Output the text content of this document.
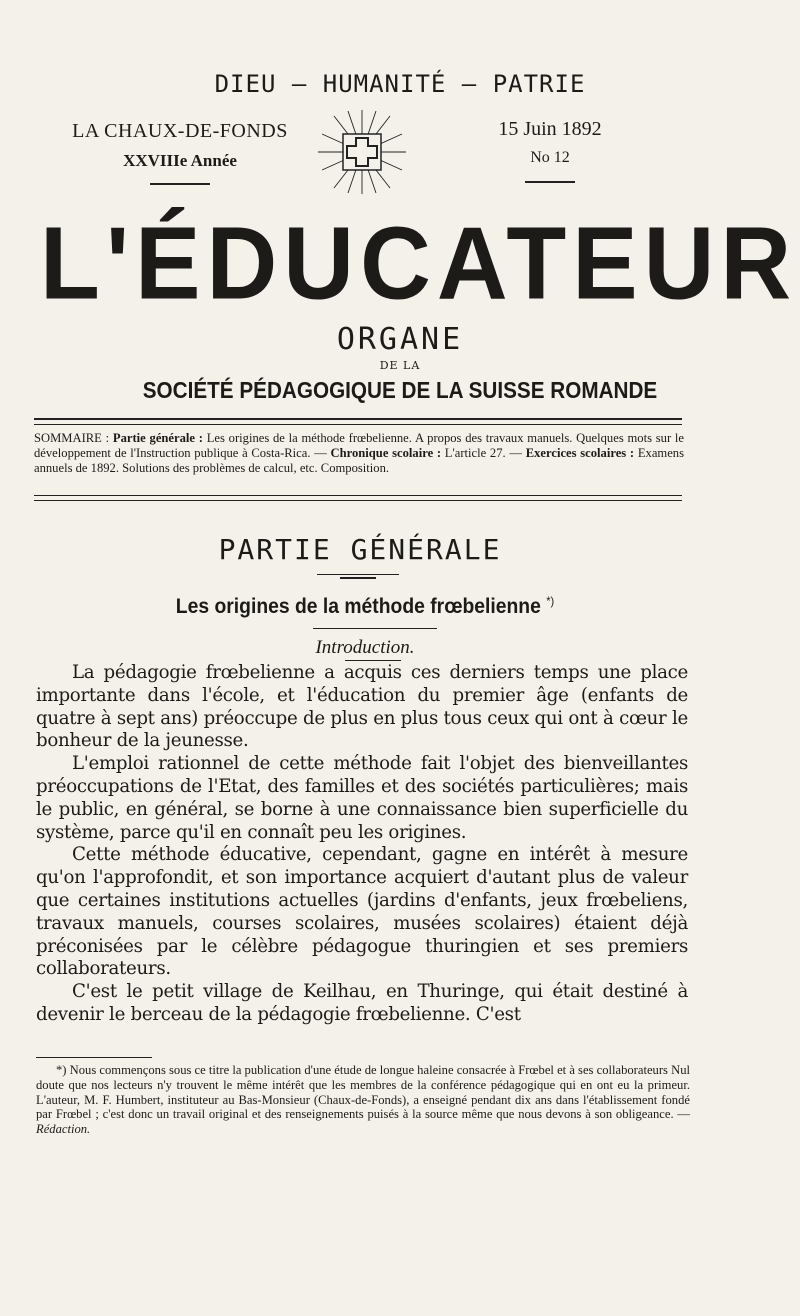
DIEU — HUMANITÉ — PATRIE
LA CHAUX-DE-FONDS
XXVIIIe Année
15 Juin 1892
No 12
L'ÉDUCATEUR
ORGANE
DE LA
SOCIÉTÉ PÉDAGOGIQUE DE LA SUISSE ROMANDE
SOMMAIRE : Partie générale : Les origines de la méthode frœbelienne. A propos des travaux manuels. Quelques mots sur le développement de l'Instruction publique à Costa-Rica. — Chronique scolaire : L'article 27. — Exercices scolaires : Examens annuels de 1892. Solutions des problèmes de calcul, etc. Composition.
PARTIE GÉNÉRALE
Les origines de la méthode frœbelienne *)
Introduction.

La pédagogie frœbelienne a acquis ces derniers temps une place importante dans l'école, et l'éducation du premier âge (enfants de quatre à sept ans) préoccupe de plus en plus tous ceux qui ont à cœur le bonheur de la jeunesse.

L'emploi rationnel de cette méthode fait l'objet des bienveillantes préoccupations de l'Etat, des familles et des sociétés particulières; mais le public, en général, se borne à une connaissance bien superficielle du système, parce qu'il en connaît peu les origines.

Cette méthode éducative, cependant, gagne en intérêt à mesure qu'on l'approfondit, et son importance acquiert d'autant plus de valeur que certaines institutions actuelles (jardins d'enfants, jeux frœbeliens, travaux manuels, courses scolaires, musées scolaires) étaient déjà préconisées par le célèbre pédagogue thuringien et ses premiers collaborateurs.

C'est le petit village de Keilhau, en Thuringe, qui était destiné à devenir le berceau de la pédagogie frœbelienne. C'est

*) Nous commençons sous ce titre la publication d'une étude de longue haleine consacrée à Frœbel et à ses collaborateurs Nul doute que nos lecteurs n'y trouvent le même intérêt que les membres de la conférence pédagogique qui en ont eu la primeur. L'auteur, M. F. Humbert, instituteur au Bas-Monsieur (Chaux-de-Fonds), a enseigné pendant dix ans dans l'établissement fondé par Frœbel ; c'est donc un travail original et des renseignements puisés à la source même que nous devons à son obligeance. — Rédaction.
